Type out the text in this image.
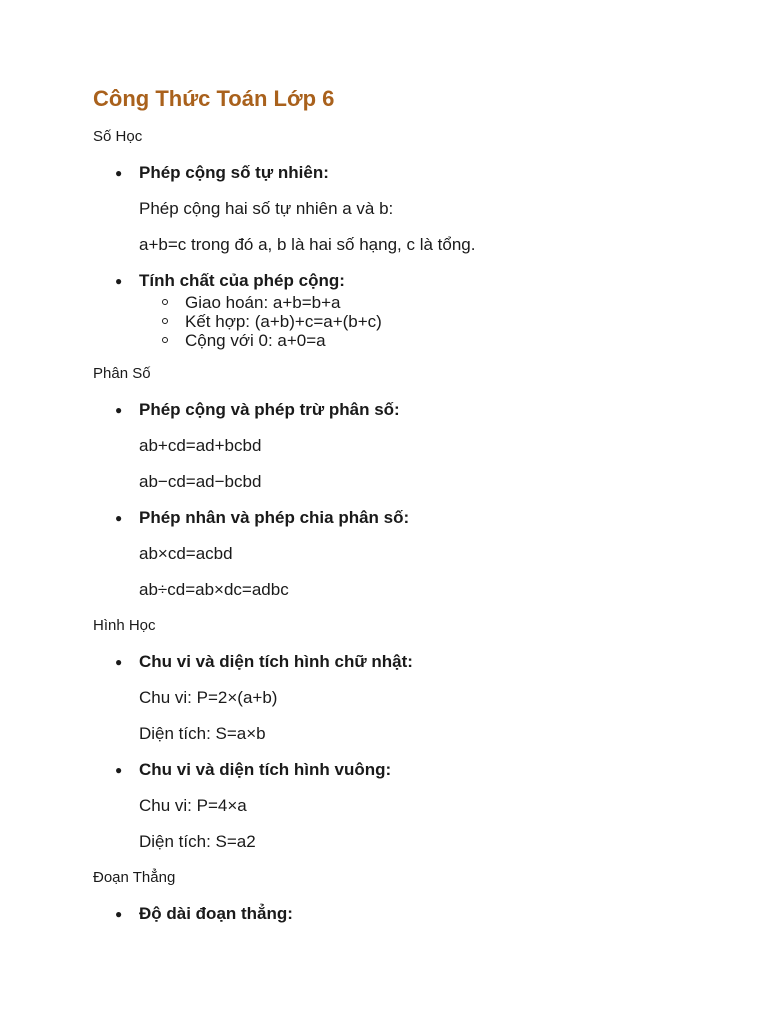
Công Thức Toán Lớp 6
Số Học
● Phép cộng số tự nhiên:
Phép cộng hai số tự nhiên a và b:
a+b=c trong đó a, b là hai số hạng, c là tổng.
● Tính chất của phép cộng:
Giao hoán: a+b=b+a
Kết hợp: (a+b)+c=a+(b+c)
Cộng với 0: a+0=a
Phân Số
● Phép cộng và phép trừ phân số:
ab+cd=ad+bcbd
ab−cd=ad−bcbd
● Phép nhân và phép chia phân số:
ab×cd=acbd
ab÷cd=ab×dc=adbc
Hình Học
● Chu vi và diện tích hình chữ nhật:
Chu vi: P=2×(a+b)
Diện tích: S=a×b
● Chu vi và diện tích hình vuông:
Chu vi: P=4×a
Diện tích: S=a2
Đoạn Thẳng
● Độ dài đoạn thẳng:
